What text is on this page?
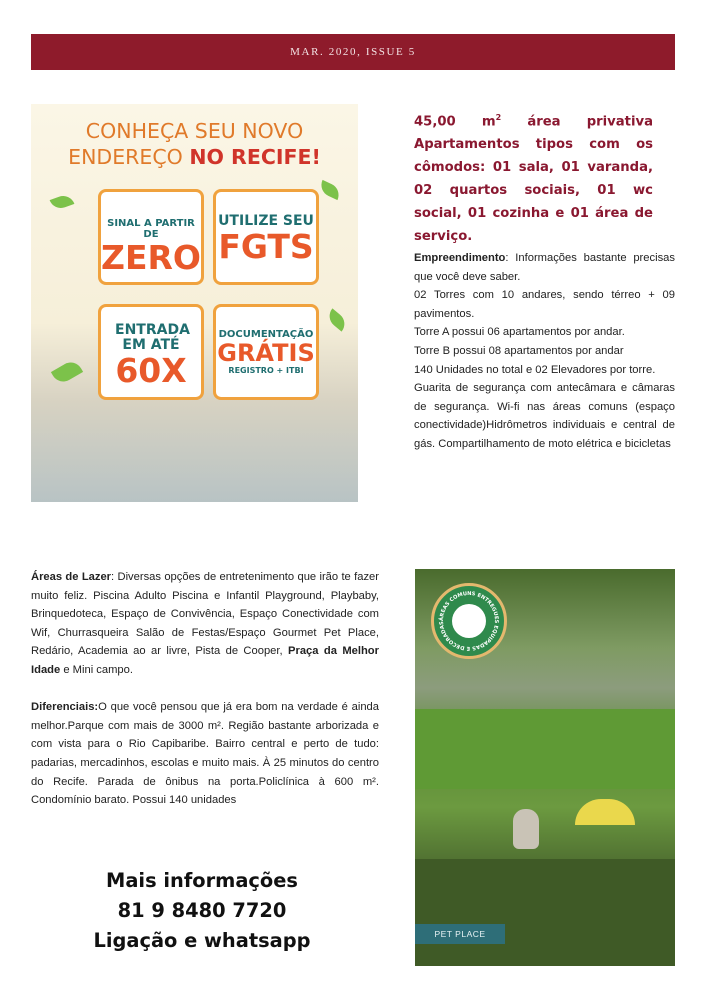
MAR. 2020, ISSUE 5
CONHEÇA SEU NOVO
ENDEREÇO NO RECIFE!
SINAL A PARTIR DE
ZERO
UTILIZE SEU
FGTS
ENTRADA EM ATÉ
60X
DOCUMENTAÇÃO
GRÁTIS
REGISTRO + ITBI
45,00 $m^2$ área privativa Apartamentos tipos com os cômodos: 01 sala, 01 varanda, 02 quartos sociais, 01 wc social, 01 cozinha e 01 área de serviço.

Empreendimento: Informações bastante precisas que você deve saber.

02 Torres com 10 andares, sendo térreo + 09 pavimentos.

Torre A possui 06 apartamentos por andar.

Torre B possui 08 apartamentos por andar

140 Unidades no total e 02 Elevadores por torre.

Guarita de segurança com antecâmara e câmaras de segurança. Wi-fi nas áreas comuns (espaço conectividade)Hidrômetros individuais e central de gás. Compartilhamento de moto elétrica e bicicletas

Áreas de Lazer: Diversas opções de entretenimento que irão te fazer muito feliz. Piscina Adulto Piscina e Infantil Playground, Playbaby, Brinquedoteca, Espaço de Convivência, Espaço Conectividade com Wif, Churrasqueira Salão de Festas/Espaço Gourmet Pet Place, Redário, Academia ao ar livre, Pista de Cooper, Praça da Melhor Idade e Mini campo.

Diferenciais:O que você pensou que já era bom na verdade é ainda melhor.Parque com mais de 3000 m². Região bastante arborizada e com vista para o Rio Capibaribe. Bairro central e perto de tudo: padarias, mercadinhos, escolas e muito mais. À 25 minutos do centro do Recife. Parada de ônibus na porta.Policlínica à 600 m². Condomínio barato. Possui 140 unidades

Mais informações
81 9 8480 7720
Ligação e whatsapp
ÁREAS COMUNS ENTREGUES EQUIPADAS E DECORADAS
PET PLACE
